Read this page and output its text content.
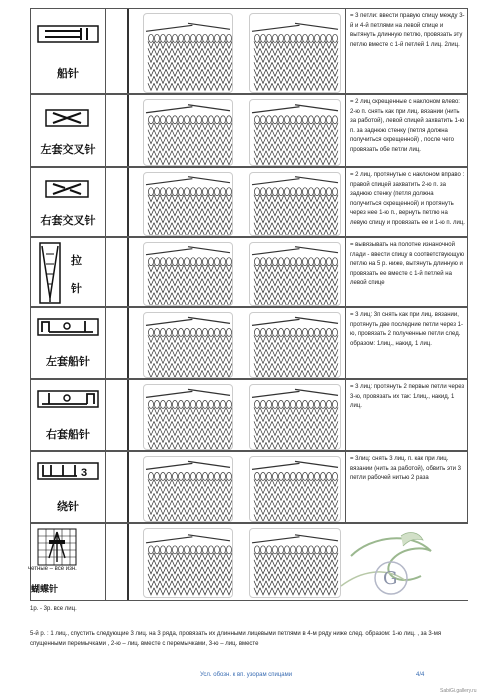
船针
= 3 петли: ввести правую спицу между 3-й и 4-й петлями на левой спице и вытянуть длинную петлю, провязать эту петлю вместе с 1-й петлей 1 лиц. 2лиц.
左套交叉针
= 2 лиц скрещенные с наклоном влево: 2-ю п. снять как при лиц. вязании (нить за работой), левой спицей захватить 1-ю п. за заднюю стенку (петля должна получиться скрещенной) , после чего провязать обе петли лиц.
右套交叉针
= 2 лиц. протянутые с наклоном вправо : правой спицей захватить 2-ю п. за заднюю стенку (петля должна получиться скрещенной) и протянуть через нее 1-ю п., вернуть петлю на левую спицу и провязать ее и 1-ю п. лиц.
拉
针
= вывязывать на полотне изнаночной глади - ввести спицу в соответствующую петлю на 5 р. ниже, вытянуть длинную и провязать ее вместе с 1-й петлей на левой спице
左套船针
= 3 лиц: 3п снять как при лиц. вязании, протянуть две последние петли через 1-ю, провязать 2 полученные петли след. образом: 1лиц., накид, 1 лиц.
右套船针
= 3 лиц: протянуть 2 первые петли через 3-ю, провязать их так: 1лиц., накид, 1 лиц.
3
绕针
= 3лиц: снять 3 лиц. п. как при лиц. вязании (нить за работой), обвить эти 3 петли рабочей нитью 2 раза
четные – все изн.
蝴蝶针
G
1р. - 3р. все лиц.
5-й р. : 1 лиц., спустить следующие 3 лиц. на 3 ряда, провязать их длинными лицевыми петлями в 4-м ряду ниже след. образом: 1-ю лиц. , за 3-мя
спущенными перемычками , 2-ю – лиц. вместе с перемычками, 3-ю – лиц. вместе
Усл. обозн. к вп. узорам спицами	4/4
SabiGi.gallery.ru
